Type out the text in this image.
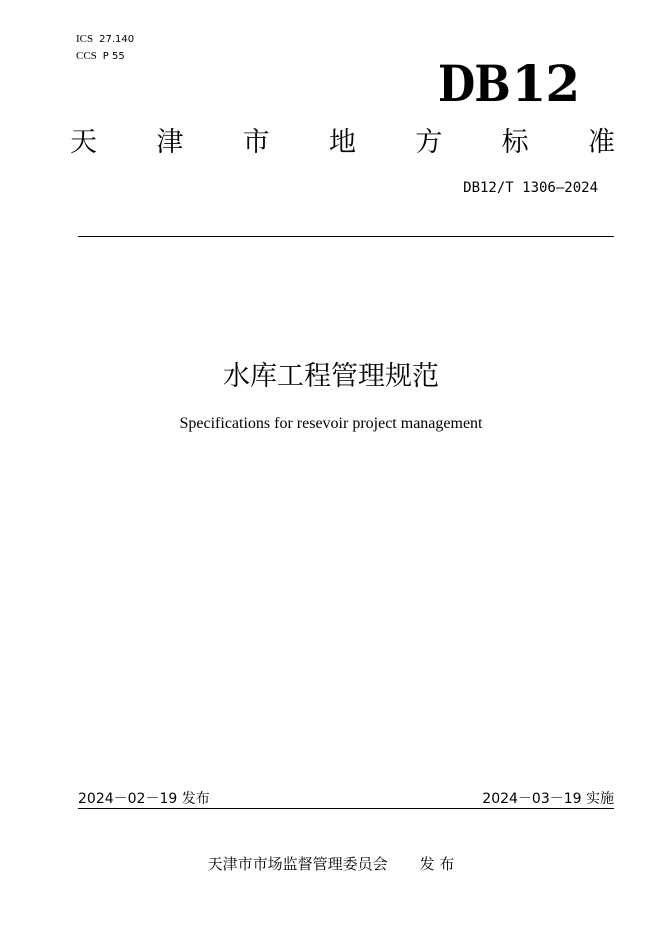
ICS 27.140
CCS P 55	DB12
天 津 市 地 方 标 准
DB12/T 1306—2024
水库工程管理规范
Specifications for resevoir project management
2024－02－19 发布	2024－03－19 实施
天津市市场监督管理委员会 发 布
